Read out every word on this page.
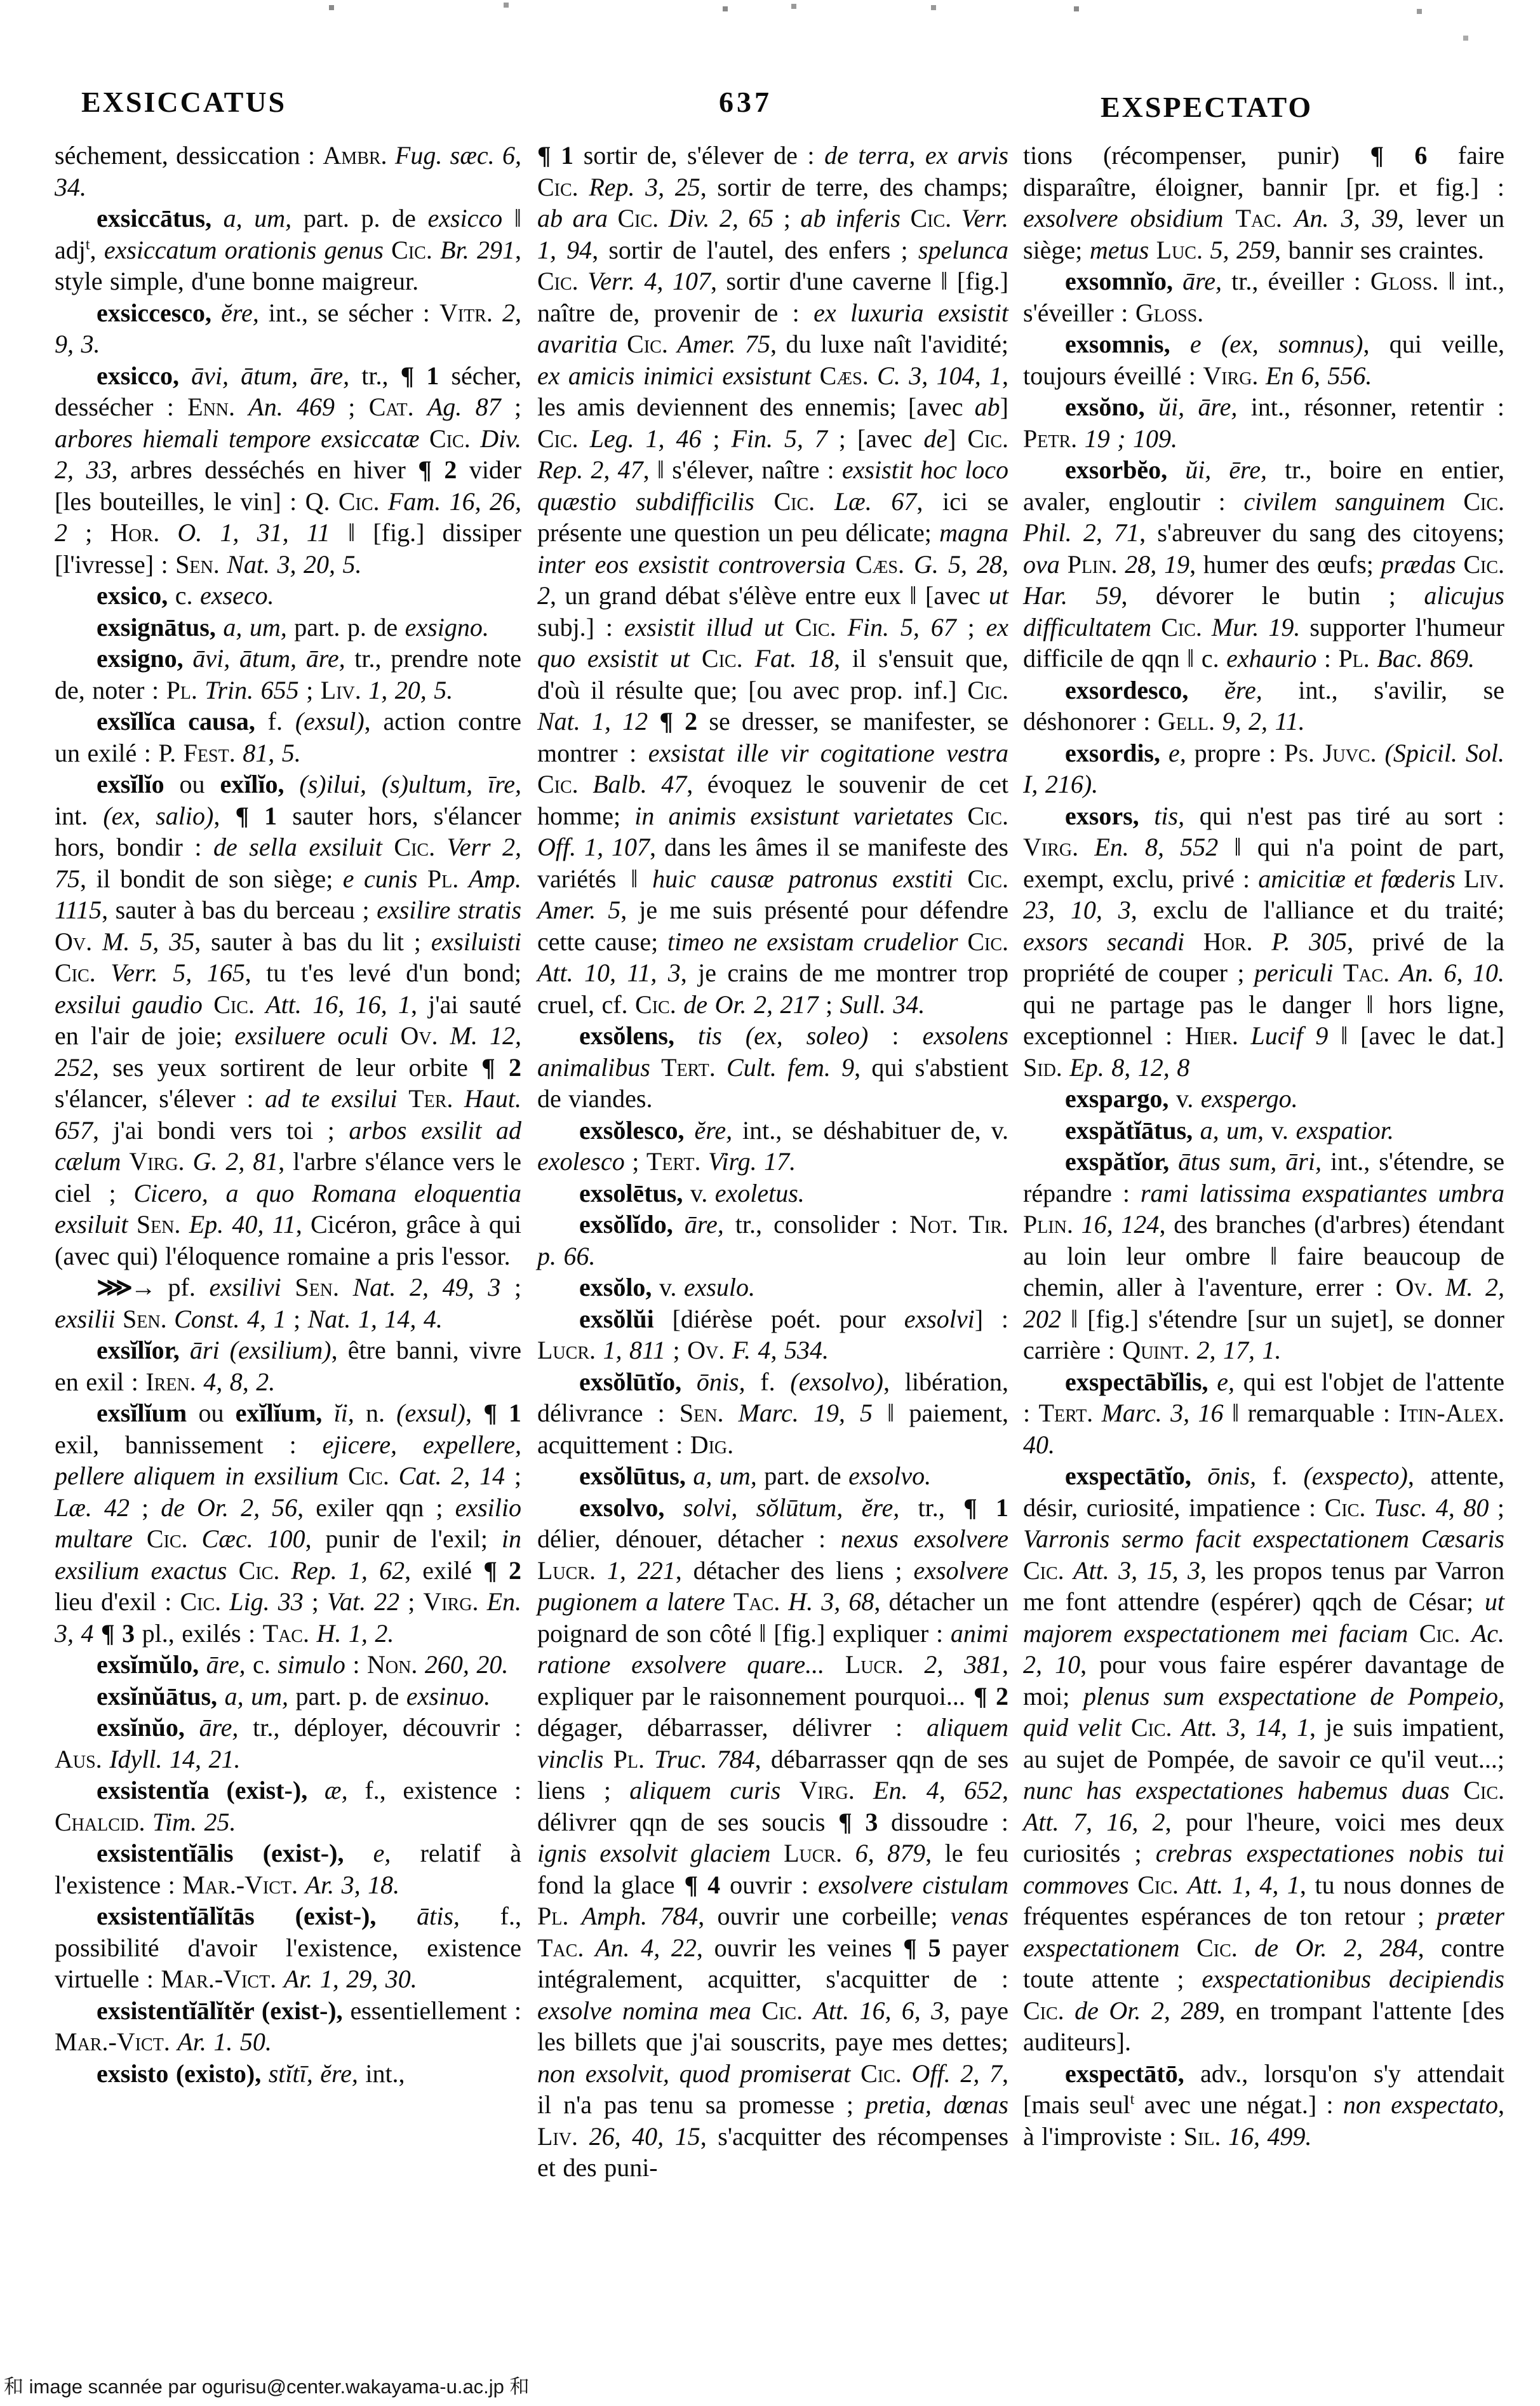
EXSICCATUS	637	EXSPECTATO

séchement, dessiccation : Ambr. Fug. sæc. 6, 34.

exsiccātus, a, um, part. p. de exsicco ‖ adj$^t$, exsiccatum orationis genus Cic. Br. 291, style simple, d'une bonne maigreur.

exsiccesco, ĕre, int., se sécher : Vitr. 2, 9, 3.

exsicco, āvi, ātum, āre, tr., ¶ 1 sécher, dessécher : Enn. An. 469 ; Cat. Ag. 87 ; arbores hiemali tempore exsiccatæ Cic. Div. 2, 33, arbres desséchés en hiver ¶ 2 vider [les bouteilles, le vin] : Q. Cic. Fam. 16, 26, 2 ; Hor. O. 1, 31, 11 ‖ [fig.] dissiper [l'ivresse] : Sen. Nat. 3, 20, 5.

exsico, c. exseco.

exsignātus, a, um, part. p. de exsigno.

exsigno, āvi, ātum, āre, tr., prendre note de, noter : Pl. Trin. 655 ; Liv. 1, 20, 5.

exsĭlĭca causa, f. (exsul), action contre un exilé : P. Fest. 81, 5.

exsĭlĭo ou exĭlĭo, (s)ilui, (s)ultum, īre, int. (ex, salio), ¶ 1 sauter hors, s'élancer hors, bondir : de sella exsiluit Cic. Verr 2, 75, il bondit de son siège; e cunis Pl. Amp. 1115, sauter à bas du berceau ; exsilire stratis Ov. M. 5, 35, sauter à bas du lit ; exsiluisti Cic. Verr. 5, 165, tu t'es levé d'un bond; exsilui gaudio Cic. Att. 16, 16, 1, j'ai sauté en l'air de joie; exsiluere oculi Ov. M. 12, 252, ses yeux sortirent de leur orbite ¶ 2 s'élancer, s'élever : ad te exsilui Ter. Haut. 657, j'ai bondi vers toi ; arbos exsilit ad cælum Virg. G. 2, 81, l'arbre s'élance vers le ciel ; Cicero, a quo Romana eloquentia exsiluit Sen. Ep. 40, 11, Cicéron, grâce à qui (avec qui) l'éloquence romaine a pris l'essor.

⋙→ pf. exsilivi Sen. Nat. 2, 49, 3 ; exsilii Sen. Const. 4, 1 ; Nat. 1, 14, 4.

exsĭlĭor, āri (exsilium), être banni, vivre en exil : Iren. 4, 8, 2.

exsĭlĭum ou exĭlĭum, ĭi, n. (exsul), ¶ 1 exil, bannissement : ejicere, expellere, pellere aliquem in exsilium Cic. Cat. 2, 14 ; Læ. 42 ; de Or. 2, 56, exiler qqn ; exsilio multare Cic. Cæc. 100, punir de l'exil; in exsilium exactus Cic. Rep. 1, 62, exilé ¶ 2 lieu d'exil : Cic. Lig. 33 ; Vat. 22 ; Virg. En. 3, 4 ¶ 3 pl., exilés : Tac. H. 1, 2.

exsĭmŭlo, āre, c. simulo : Non. 260, 20.

exsĭnŭātus, a, um, part. p. de exsinuo.

exsĭnŭo, āre, tr., déployer, découvrir : Aus. Idyll. 14, 21.

exsistentĭa (exist-), æ, f., existence : Chalcid. Tim. 25.

exsistentĭālis (exist-), e, relatif à l'existence : Mar.-Vict. Ar. 3, 18.

exsistentĭālĭtās (exist-), ātis, f., possibilité d'avoir l'existence, existence virtuelle : Mar.-Vict. Ar. 1, 29, 30.

exsistentĭālĭtĕr (exist-), essentiellement : Mar.-Vict. Ar. 1. 50.

exsisto (existo), stĭtī, ĕre, int.,

¶ 1 sortir de, s'élever de : de terra, ex arvis Cic. Rep. 3, 25, sortir de terre, des champs; ab ara Cic. Div. 2, 65 ; ab inferis Cic. Verr. 1, 94, sortir de l'autel, des enfers ; spelunca Cic. Verr. 4, 107, sortir d'une caverne ‖ [fig.] naître de, provenir de : ex luxuria exsistit avaritia Cic. Amer. 75, du luxe naît l'avidité; ex amicis inimici exsistunt Cæs. C. 3, 104, 1, les amis deviennent des ennemis; [avec ab] Cic. Leg. 1, 46 ; Fin. 5, 7 ; [avec de] Cic. Rep. 2, 47, ‖ s'élever, naître : exsistit hoc loco quæstio subdifficilis Cic. Læ. 67, ici se présente une question un peu délicate; magna inter eos exsistit controversia Cæs. G. 5, 28, 2, un grand débat s'élève entre eux ‖ [avec ut subj.] : exsistit illud ut Cic. Fin. 5, 67 ; ex quo exsistit ut Cic. Fat. 18, il s'ensuit que, d'où il résulte que; [ou avec prop. inf.] Cic. Nat. 1, 12 ¶ 2 se dresser, se manifester, se montrer : exsistat ille vir cogitatione vestra Cic. Balb. 47, évoquez le souvenir de cet homme; in animis exsistunt varietates Cic. Off. 1, 107, dans les âmes il se manifeste des variétés ‖ huic causæ patronus exstiti Cic. Amer. 5, je me suis présenté pour défendre cette cause; timeo ne exsistam crudelior Cic. Att. 10, 11, 3, je crains de me montrer trop cruel, cf. Cic. de Or. 2, 217 ; Sull. 34.

exsŏlens, tis (ex, soleo) : exsolens animalibus Tert. Cult. fem. 9, qui s'abstient de viandes.

exsŏlesco, ĕre, int., se déshabituer de, v. exolesco ; Tert. Virg. 17.

exsolētus, v. exoletus.

exsŏlĭdo, āre, tr., consolider : Not. Tir. p. 66.

exsŏlo, v. exsulo.

exsŏlŭi [diérèse poét. pour exsolvi] : Lucr. 1, 811 ; Ov. F. 4, 534.

exsŏlūtĭo, ōnis, f. (exsolvo), libération, délivrance : Sen. Marc. 19, 5 ‖ paiement, acquittement : Dig.

exsŏlūtus, a, um, part. de exsolvo.

exsolvo, solvi, sŏlūtum, ĕre, tr., ¶ 1 délier, dénouer, détacher : nexus exsolvere Lucr. 1, 221, détacher des liens ; exsolvere pugionem a latere Tac. H. 3, 68, détacher un poignard de son côté ‖ [fig.] expliquer : animi ratione exsolvere quare... Lucr. 2, 381, expliquer par le raisonnement pourquoi... ¶ 2 dégager, débarrasser, délivrer : aliquem vinclis Pl. Truc. 784, débarrasser qqn de ses liens ; aliquem curis Virg. En. 4, 652, délivrer qqn de ses soucis ¶ 3 dissoudre : ignis exsolvit glaciem Lucr. 6, 879, le feu fond la glace ¶ 4 ouvrir : exsolvere cistulam Pl. Amph. 784, ouvrir une corbeille; venas Tac. An. 4, 22, ouvrir les veines ¶ 5 payer intégralement, acquitter, s'acquitter de : exsolve nomina mea Cic. Att. 16, 6, 3, paye les billets que j'ai souscrits, paye mes dettes; non exsolvit, quod promiserat Cic. Off. 2, 7, il n'a pas tenu sa promesse ; pretia, dœnas Liv. 26, 40, 15, s'acquitter des récompenses et des puni-

tions (récompenser, punir) ¶ 6 faire disparaître, éloigner, bannir [pr. et fig.] : exsolvere obsidium Tac. An. 3, 39, lever un siège; metus Luc. 5, 259, bannir ses craintes.

exsomnĭo, āre, tr., éveiller : Gloss. ‖ int., s'éveiller : Gloss.

exsomnis, e (ex, somnus), qui veille, toujours éveillé : Virg. En 6, 556.

exsŏno, ŭi, āre, int., résonner, retentir : Petr. 19 ; 109.

exsorbĕo, ŭi, ēre, tr., boire en entier, avaler, engloutir : civilem sanguinem Cic. Phil. 2, 71, s'abreuver du sang des citoyens; ova Plin. 28, 19, humer des œufs; prædas Cic. Har. 59, dévorer le butin ; alicujus difficultatem Cic. Mur. 19. supporter l'humeur difficile de qqn ‖ c. exhaurio : Pl. Bac. 869.

exsordesco, ĕre, int., s'avilir, se déshonorer : Gell. 9, 2, 11.

exsordis, e, propre : Ps. Juvc. (Spicil. Sol. I, 216).

exsors, tis, qui n'est pas tiré au sort : Virg. En. 8, 552 ‖ qui n'a point de part, exempt, exclu, privé : amicitiæ et fœderis Liv. 23, 10, 3, exclu de l'alliance et du traité; exsors secandi Hor. P. 305, privé de la propriété de couper ; periculi Tac. An. 6, 10. qui ne partage pas le danger ‖ hors ligne, exceptionnel : Hier. Lucif 9 ‖ [avec le dat.] Sid. Ep. 8, 12, 8

exspargo, v. exspergo.

exspătĭātus, a, um, v. exspatior.

exspătĭor, ātus sum, āri, int., s'étendre, se répandre : rami latissima exspatiantes umbra Plin. 16, 124, des branches (d'arbres) étendant au loin leur ombre ‖ faire beaucoup de chemin, aller à l'aventure, errer : Ov. M. 2, 202 ‖ [fig.] s'étendre [sur un sujet], se donner carrière : Quint. 2, 17, 1.

exspectābĭlis, e, qui est l'objet de l'attente : Tert. Marc. 3, 16 ‖ remarquable : Itin-Alex. 40.

exspectātĭo, ōnis, f. (exspecto), attente, désir, curiosité, impatience : Cic. Tusc. 4, 80 ; Varronis sermo facit exspectationem Cæsaris Cic. Att. 3, 15, 3, les propos tenus par Varron me font attendre (espérer) qqch de César; ut majorem exspectationem mei faciam Cic. Ac. 2, 10, pour vous faire espérer davantage de moi; plenus sum exspectatione de Pompeio, quid velit Cic. Att. 3, 14, 1, je suis impatient, au sujet de Pompée, de savoir ce qu'il veut...; nunc has exspectationes habemus duas Cic. Att. 7, 16, 2, pour l'heure, voici mes deux curiosités ; crebras exspectationes nobis tui commoves Cic. Att. 1, 4, 1, tu nous donnes de fréquentes espérances de ton retour ; præter exspectationem Cic. de Or. 2, 284, contre toute attente ; exspectationibus decipiendis Cic. de Or. 2, 289, en trompant l'attente [des auditeurs].

exspectātō, adv., lorsqu'on s'y attendait [mais seul$^t$ avec une négat.] : non exspectato, à l'improviste : Sil. 16, 499.

和 image scannée par ogurisu@center.wakayama-u.ac.jp 和
